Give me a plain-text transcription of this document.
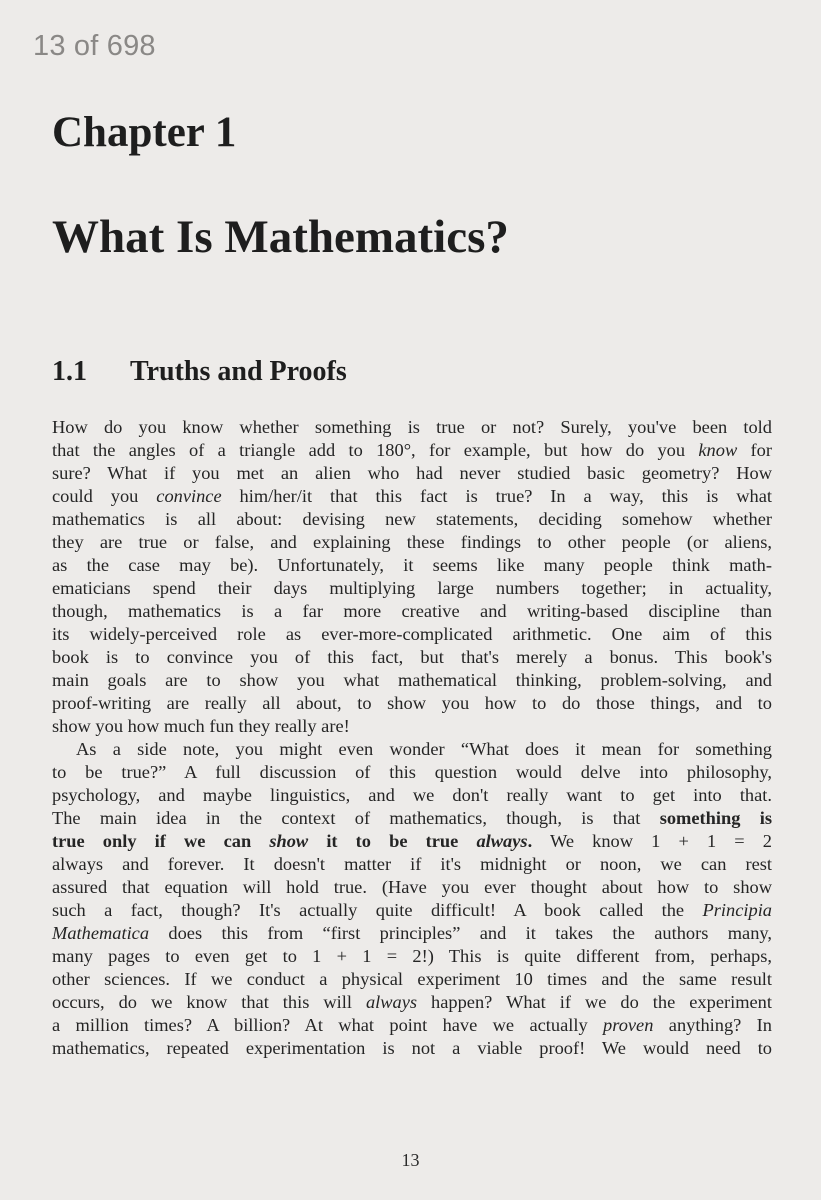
13 of 698
Chapter 1
What Is Mathematics?
1.1 Truths and Proofs
How do you know whether something is true or not? Surely, you've been told
that the angles of a triangle add to 180°, for example, but how do you know for
sure? What if you met an alien who had never studied basic geometry? How
could you convince him/her/it that this fact is true? In a way, this is what
mathematics is all about: devising new statements, deciding somehow whether
they are true or false, and explaining these findings to other people (or aliens,
as the case may be). Unfortunately, it seems like many people think math-
ematicians spend their days multiplying large numbers together; in actuality,
though, mathematics is a far more creative and writing-based discipline than
its widely-perceived role as ever-more-complicated arithmetic. One aim of this
book is to convince you of this fact, but that's merely a bonus. This book's
main goals are to show you what mathematical thinking, problem-solving, and
proof-writing are really all about, to show you how to do those things, and to
show you how much fun they really are!
As a side note, you might even wonder “What does it mean for something
to be true?” A full discussion of this question would delve into philosophy,
psychology, and maybe linguistics, and we don't really want to get into that.
The main idea in the context of mathematics, though, is that something is
true only if we can show it to be true always. We know 1 + 1 = 2
always and forever. It doesn't matter if it's midnight or noon, we can rest
assured that equation will hold true. (Have you ever thought about how to show
such a fact, though? It's actually quite difficult! A book called the Principia
Mathematica does this from “first principles” and it takes the authors many,
many pages to even get to 1 + 1 = 2!) This is quite different from, perhaps,
other sciences. If we conduct a physical experiment 10 times and the same result
occurs, do we know that this will always happen? What if we do the experiment
a million times? A billion? At what point have we actually proven anything? In
mathematics, repeated experimentation is not a viable proof! We would need to
13
